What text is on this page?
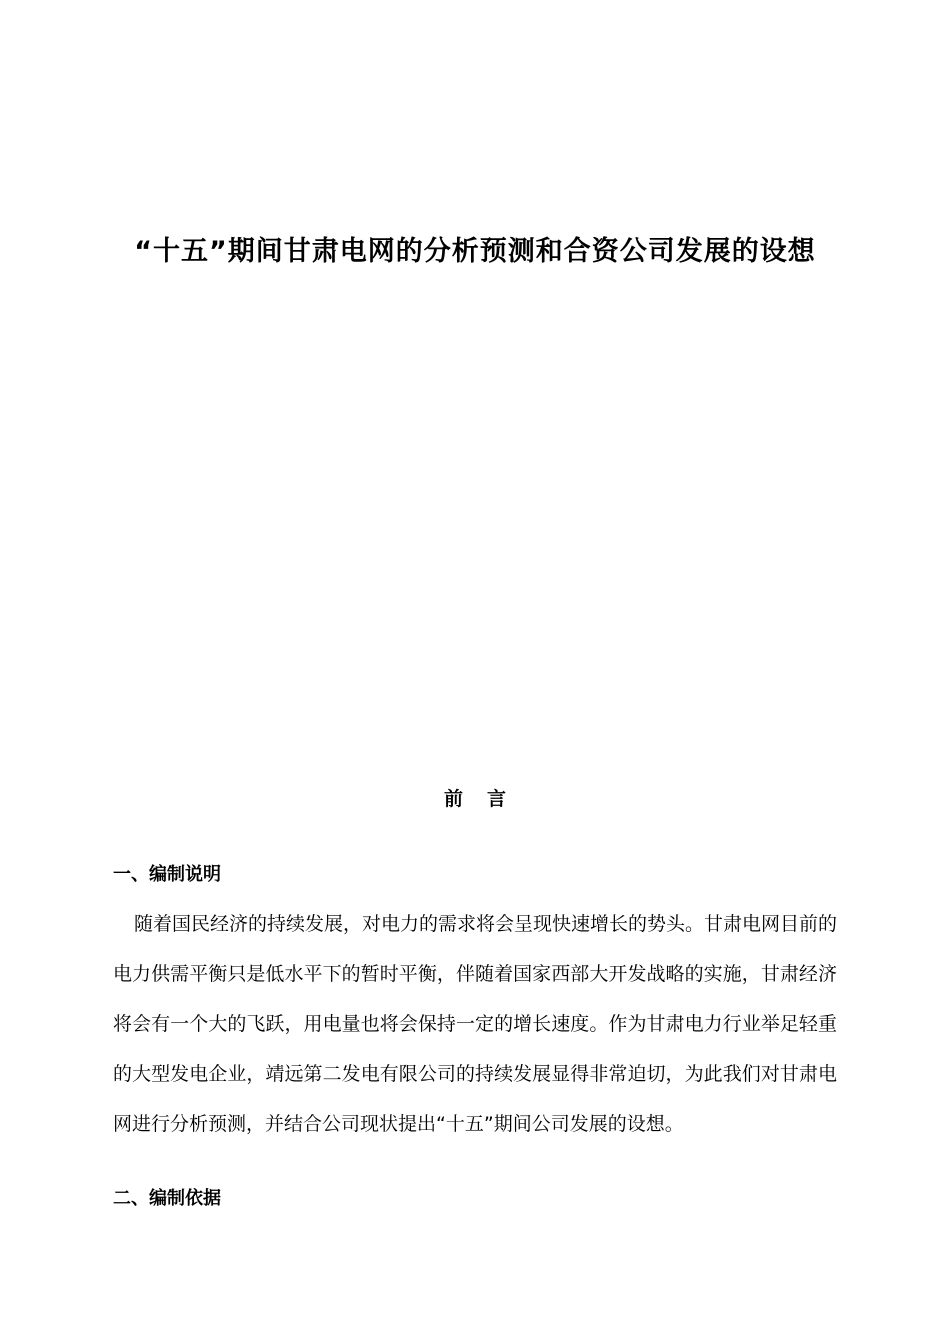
“十五”期间甘肃电网的分析预测和合资公司发展的设想
前言
一、编制说明

随着国民经济的持续发展，对电力的需求将会呈现快速增长的势头。甘肃电网目前的电力供需平衡只是低水平下的暂时平衡，伴随着国家西部大开发战略的实施，甘肃经济将会有一个大的飞跃，用电量也将会保持一定的增长速度。作为甘肃电力行业举足轻重的大型发电企业，靖远第二发电有限公司的持续发展显得非常迫切，为此我们对甘肃电网进行分析预测，并结合公司现状提出“十五”期间公司发展的设想。

二、编制依据
